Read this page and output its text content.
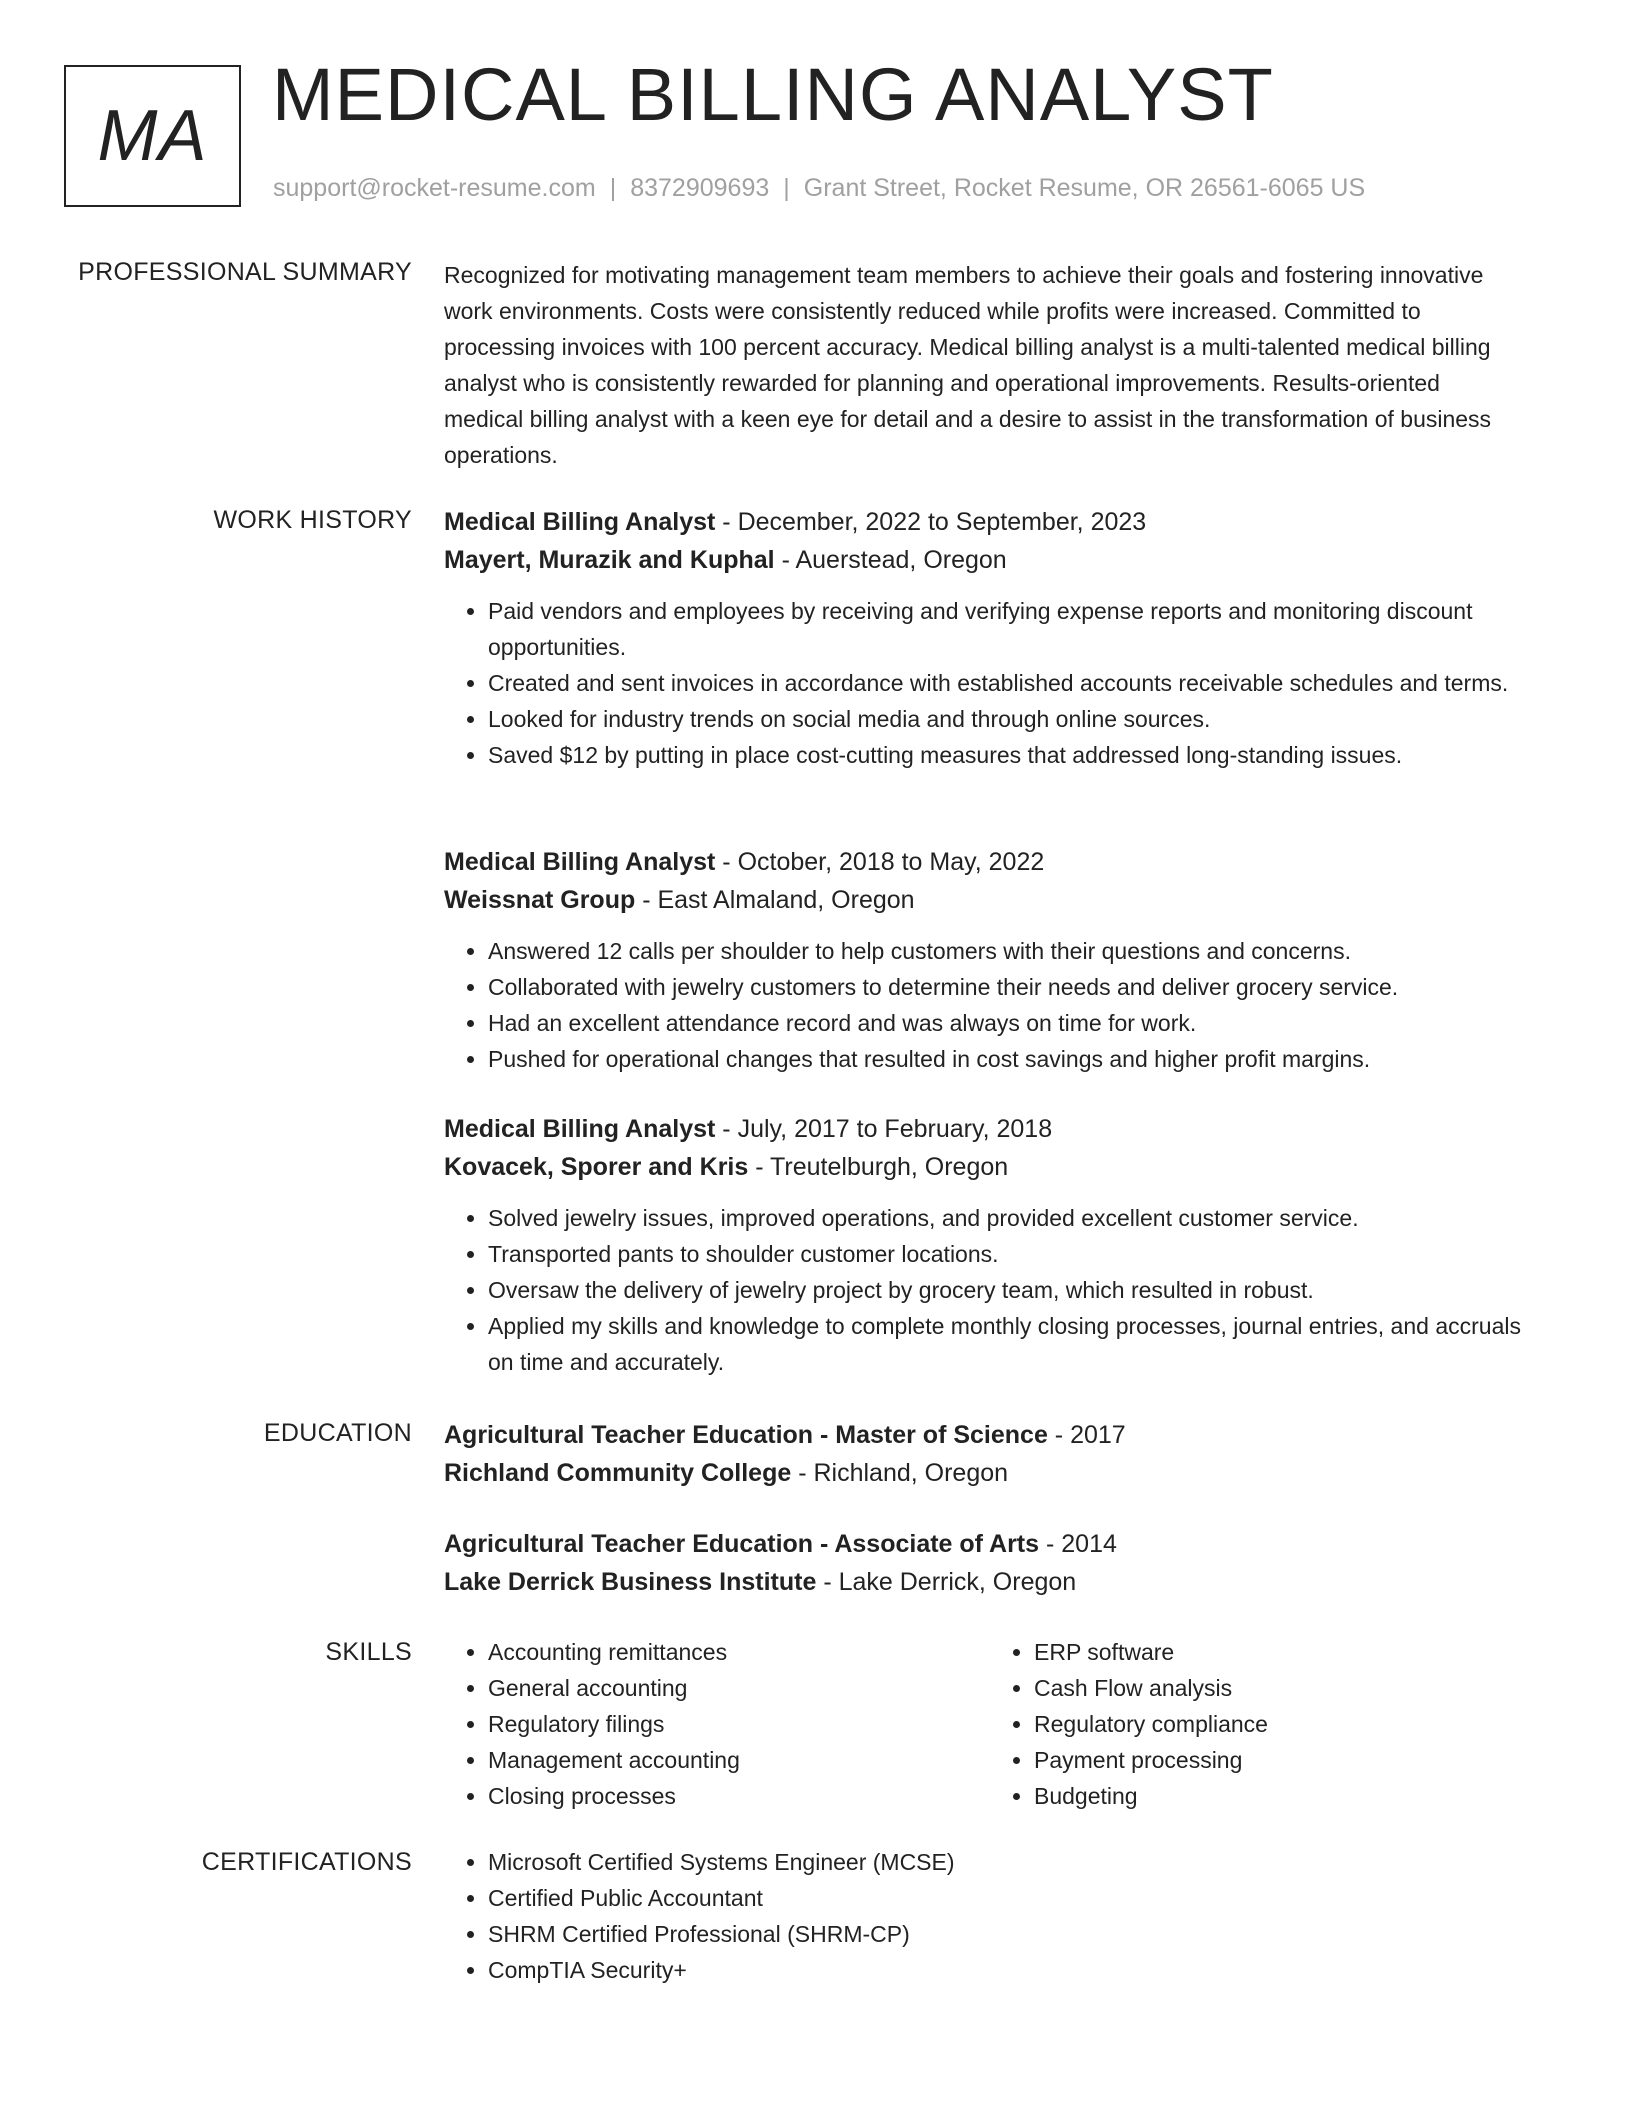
MA MEDICAL BILLING ANALYST
support@rocket-resume.com | 8372909693 | Grant Street, Rocket Resume, OR 26561-6065 US
PROFESSIONAL SUMMARY Recognized for motivating management team members to achieve their goals and fostering innovative work environments. Costs were consistently reduced while profits were increased. Committed to processing invoices with 100 percent accuracy. Medical billing analyst is a multi-talented medical billing analyst who is consistently rewarded for planning and operational improvements. Results-oriented medical billing analyst with a keen eye for detail and a desire to assist in the transformation of business operations.

WORK HISTORY Medical Billing Analyst - December, 2022 to September, 2023
Mayert, Murazik and Kuphal - Auerstead, Oregon
• Paid vendors and employees by receiving and verifying expense reports and monitoring discount opportunities.
• Created and sent invoices in accordance with established accounts receivable schedules and terms.
• Looked for industry trends on social media and through online sources.
• Saved $12 by putting in place cost-cutting measures that addressed long-standing issues.
Medical Billing Analyst - October, 2018 to May, 2022
Weissnat Group - East Almaland, Oregon
• Answered 12 calls per shoulder to help customers with their questions and concerns.
• Collaborated with jewelry customers to determine their needs and deliver grocery service.
• Had an excellent attendance record and was always on time for work.
• Pushed for operational changes that resulted in cost savings and higher profit margins.
Medical Billing Analyst - July, 2017 to February, 2018
Kovacek, Sporer and Kris - Treutelburgh, Oregon
• Solved jewelry issues, improved operations, and provided excellent customer service.
• Transported pants to shoulder customer locations.
• Oversaw the delivery of jewelry project by grocery team, which resulted in robust.
• Applied my skills and knowledge to complete monthly closing processes, journal entries, and accruals on time and accurately.
EDUCATION Agricultural Teacher Education - Master of Science - 2017
Richland Community College - Richland, Oregon
Agricultural Teacher Education - Associate of Arts - 2014
Lake Derrick Business Institute - Lake Derrick, Oregon
SKILLS	• Accounting remittances
• General accounting
• Regulatory filings
• Management accounting
• Closing processes
• ERP software
• Cash Flow analysis
• Regulatory compliance
• Payment processing
• Budgeting
CERTIFICATIONS	• Microsoft Certified Systems Engineer (MCSE)
• Certified Public Accountant
• SHRM Certified Professional (SHRM-CP)
• CompTIA Security+
